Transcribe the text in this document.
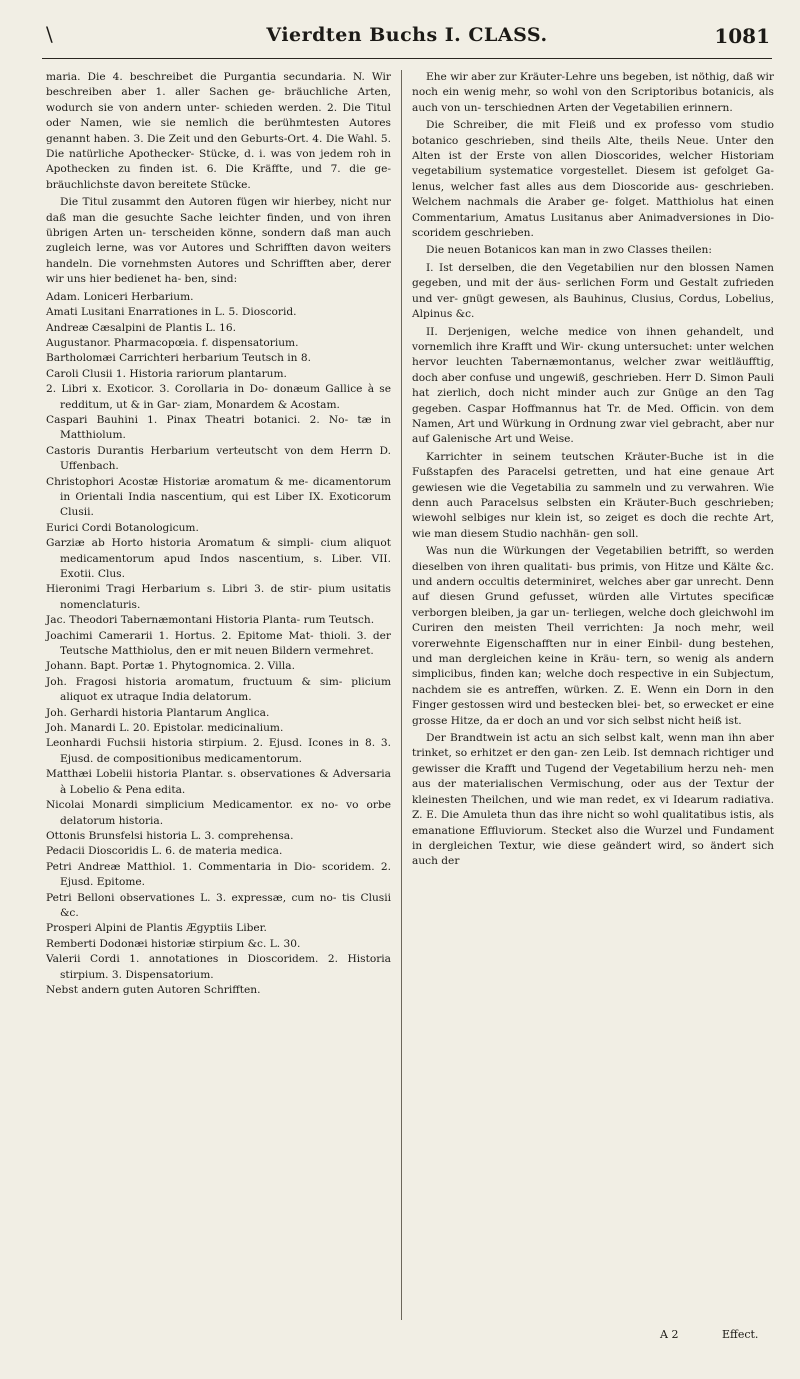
\	Vierdten Buchs I. CLASS.	1081

maria. Die 4. beschreibet die Purgantia secundaria. N. Wir beschreiben aber 1. aller Sachen ge- bräuchliche Arten, wodurch sie von andern unter- schieden werden. 2. Die Titul oder Namen, wie sie nemlich die berühmtesten Autores genannt haben. 3. Die Zeit und den Geburts-Ort. 4. Die Wahl. 5. Die natürliche Apothecker- Stücke, d. i. was von jedem roh in Apothecken zu finden ist. 6. Die Kräffte, und 7. die ge- bräuchlichste davon bereitete Stücke.

Die Titul zusammt den Autoren fügen wir hierbey, nicht nur daß man die gesuchte Sache leichter finden, und von ihren übrigen Arten un- terscheiden könne, sondern daß man auch zugleich lerne, was vor Autores und Schrifften davon weiters handeln. Die vornehmsten Autores und Schrifften aber, derer wir uns hier bedienet ha- ben, sind:

Adam. Loniceri Herbarium.

Amati Lusitani Enarrationes in L. 5. Dioscorid.

Andreæ Cæsalpini de Plantis L. 16.

Augustanor. Pharmacopœia. f. dispensatorium.

Bartholomæi Carrichteri herbarium Teutsch in 8.

Caroli Clusii 1. Historia rariorum plantarum.

2. Libri x. Exoticor. 3. Corollaria in Do- donæum Gallice à se redditum, ut & in Gar- ziam, Monardem & Acostam.

Caspari Bauhini 1. Pinax Theatri botanici. 2. No- tæ in Matthiolum.

Castoris Durantis Herbarium verteutscht von dem Herrn D. Uffenbach.

Christophori Acostæ Historiæ aromatum & me- dicamentorum in Orientali India nascentium, qui est Liber IX. Exoticorum Clusii.

Eurici Cordi Botanologicum.

Garziæ ab Horto historia Aromatum & simpli- cium aliquot medicamentorum apud Indos nascentium, s. Liber. VII. Exotii. Clus.

Hieronimi Tragi Herbarium s. Libri 3. de stir- pium usitatis nomenclaturis.

Jac. Theodori Tabernæmontani Historia Planta- rum Teutsch.

Joachimi Camerarii 1. Hortus. 2. Epitome Mat- thioli. 3. der Teutsche Matthiolus, den er mit neuen Bildern vermehret.

Johann. Bapt. Portæ 1. Phytognomica. 2. Villa.

Joh. Fragosi historia aromatum, fructuum & sim- plicium aliquot ex utraque India delatorum.

Joh. Gerhardi historia Plantarum Anglica.

Joh. Manardi L. 20. Epistolar. medicinalium.

Leonhardi Fuchsii historia stirpium. 2. Ejusd. Icones in 8. 3. Ejusd. de compositionibus medicamentorum.

Matthæi Lobelii historia Plantar. s. observationes & Adversaria à Lobelio & Pena edita.

Nicolai Monardi simplicium Medicamentor. ex no- vo orbe delatorum historia.

Ottonis Brunsfelsi historia L. 3. comprehensa.

Pedacii Dioscoridis L. 6. de materia medica.

Petri Andreæ Matthiol. 1. Commentaria in Dio- scoridem. 2. Ejusd. Epitome.

Petri Belloni observationes L. 3. expressæ, cum no- tis Clusii &c.

Prosperi Alpini de Plantis Ægyptiis Liber.

Remberti Dodonæi historiæ stirpium &c. L. 30.

Valerii Cordi 1. annotationes in Dioscoridem. 2. Historia stirpium. 3. Dispensatorium.

Nebst andern guten Autoren Schrifften.

Ehe wir aber zur Kräuter-Lehre uns begeben, ist nöthig, daß wir noch ein wenig mehr, so wohl von den Scriptoribus botanicis, als auch von un- terschiednen Arten der Vegetabilien erinnern.

Die Schreiber, die mit Fleiß und ex professo vom studio botanico geschrieben, sind theils Alte, theils Neue. Unter den Alten ist der Erste von allen Dioscorides, welcher Historiam vegetabilium systematice vorgestellet. Diesem ist gefolget Ga- lenus, welcher fast alles aus dem Dioscoride aus- geschrieben. Welchem nachmals die Araber ge- folget. Matthiolus hat einen Commentarium, Amatus Lusitanus aber Animadversiones in Dio- scoridem geschrieben.

Die neuen Botanicos kan man in zwo Classes theilen:

I. Ist derselben, die den Vegetabilien nur den blossen Namen gegeben, und mit der äus- serlichen Form und Gestalt zufrieden und ver- gnügt gewesen, als Bauhinus, Clusius, Cordus, Lobelius, Alpinus &c.

II. Derjenigen, welche medice von ihnen gehandelt, und vornemlich ihre Krafft und Wir- ckung untersuchet: unter welchen hervor leuchten Tabernæmontanus, welcher zwar weitläufftig, doch aber confuse und ungewiß, geschrieben. Herr D. Simon Pauli hat zierlich, doch nicht minder auch zur Gnüge an den Tag gegeben. Caspar Hoffmannus hat Tr. de Med. Officin. von dem Namen, Art und Würkung in Ordnung zwar viel gebracht, aber nur auf Galenische Art und Weise.

Karrichter in seinem teutschen Kräuter-Buche ist in die Fußstapfen des Paracelsi getretten, und hat eine genaue Art gewiesen wie die Vegetabilia zu sammeln und zu verwahren. Wie denn auch Paracelsus selbsten ein Kräuter-Buch geschrieben; wiewohl selbiges nur klein ist, so zeiget es doch die rechte Art, wie man diesem Studio nachhän- gen soll.

Was nun die Würkungen der Vegetabilien betrifft, so werden dieselben von ihren qualitati- bus primis, von Hitze und Kälte &c. und andern occultis determiniret, welches aber gar unrecht. Denn auf diesen Grund gefusset, würden alle Virtutes specificæ verborgen bleiben, ja gar un- terliegen, welche doch gleichwohl im Curiren den meisten Theil verrichten: Ja noch mehr, weil vorerwehnte Eigenschafften nur in einer Einbil- dung bestehen, und man dergleichen keine in Kräu- tern, so wenig als andern simplicibus, finden kan; welche doch respective in ein Subjectum, nachdem sie es antreffen, würken. Z. E. Wenn ein Dorn in den Finger gestossen wird und bestecken blei- bet, so erwecket er eine grosse Hitze, da er doch an und vor sich selbst nicht heiß ist.

Der Brandtwein ist actu an sich selbst kalt, wenn man ihn aber trinket, so erhitzet er den gan- zen Leib. Ist demnach richtiger und gewisser die Krafft und Tugend der Vegetabilium herzu neh- men aus der materialischen Vermischung, oder aus der Textur der kleinesten Theilchen, und wie man redet, ex vi Idearum radiativa. Z. E. Die Amuleta thun das ihre nicht so wohl qualitatibus istis, als emanatione Effluviorum. Stecket also die Wurzel und Fundament in dergleichen Textur, wie diese geändert wird, so ändert sich auch der

A 2	Effect.
